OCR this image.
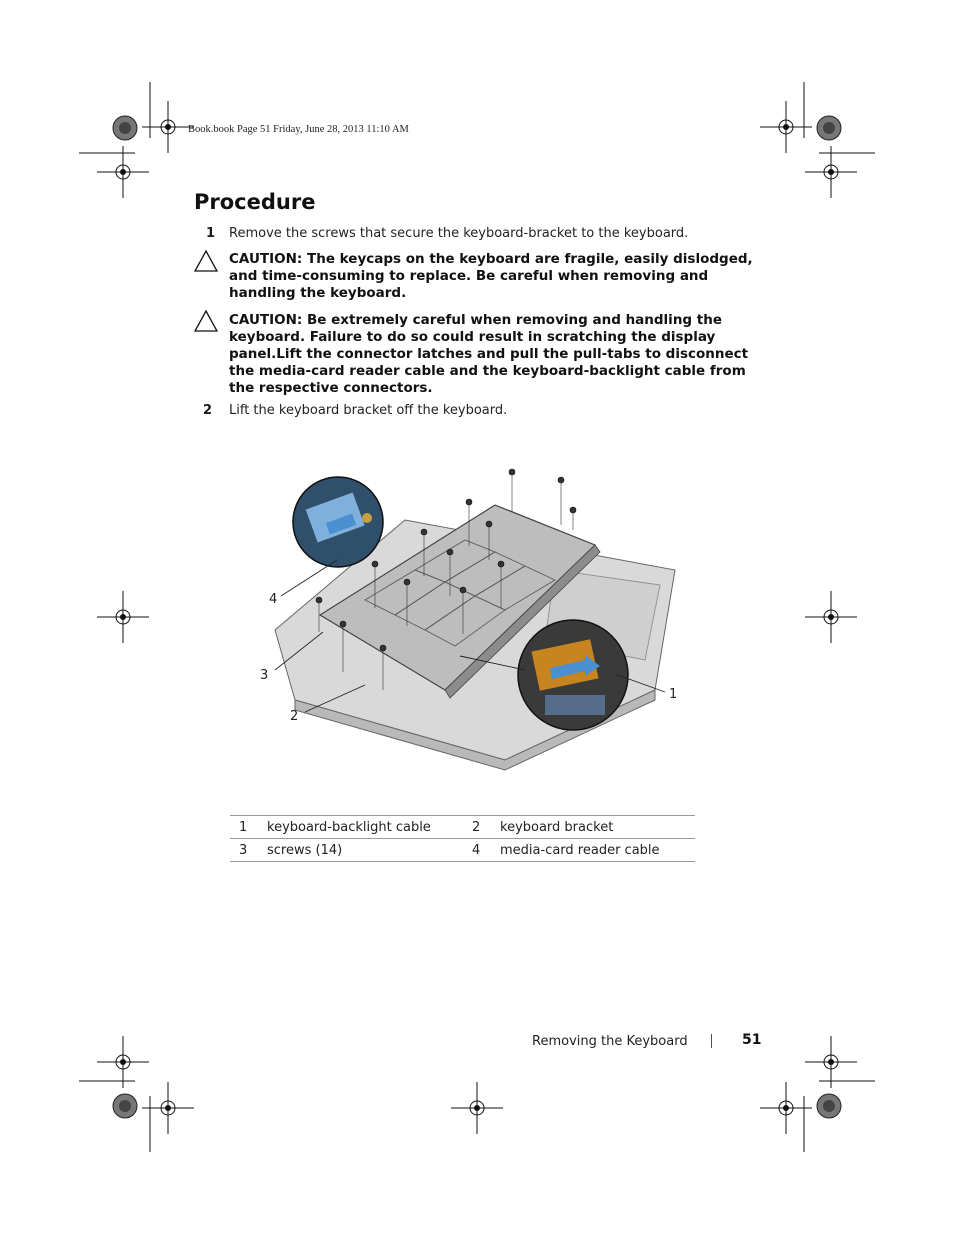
Book.book Page 51 Friday, June 28, 2013 11:10 AM
Procedure
1 Remove the screws that secure the keyboard-bracket to the keyboard.
CAUTION: The keycaps on the keyboard are fragile, easily dislodged,
and time-consuming to replace. Be careful when removing and
handling the keyboard.
CAUTION: Be extremely careful when removing and handling the
keyboard. Failure to do so could result in scratching the display
panel.Lift the connector latches and pull the pull-tabs to disconnect
the media-card reader cable and the keyboard-backlight cable from
the respective connectors.
2 Lift the keyboard bracket off the keyboard.
4
3
2
1
1	keyboard-backlight cable	2	keyboard bracket
3	screws (14)	4	media-card reader cable
Removing the Keyboard	51
